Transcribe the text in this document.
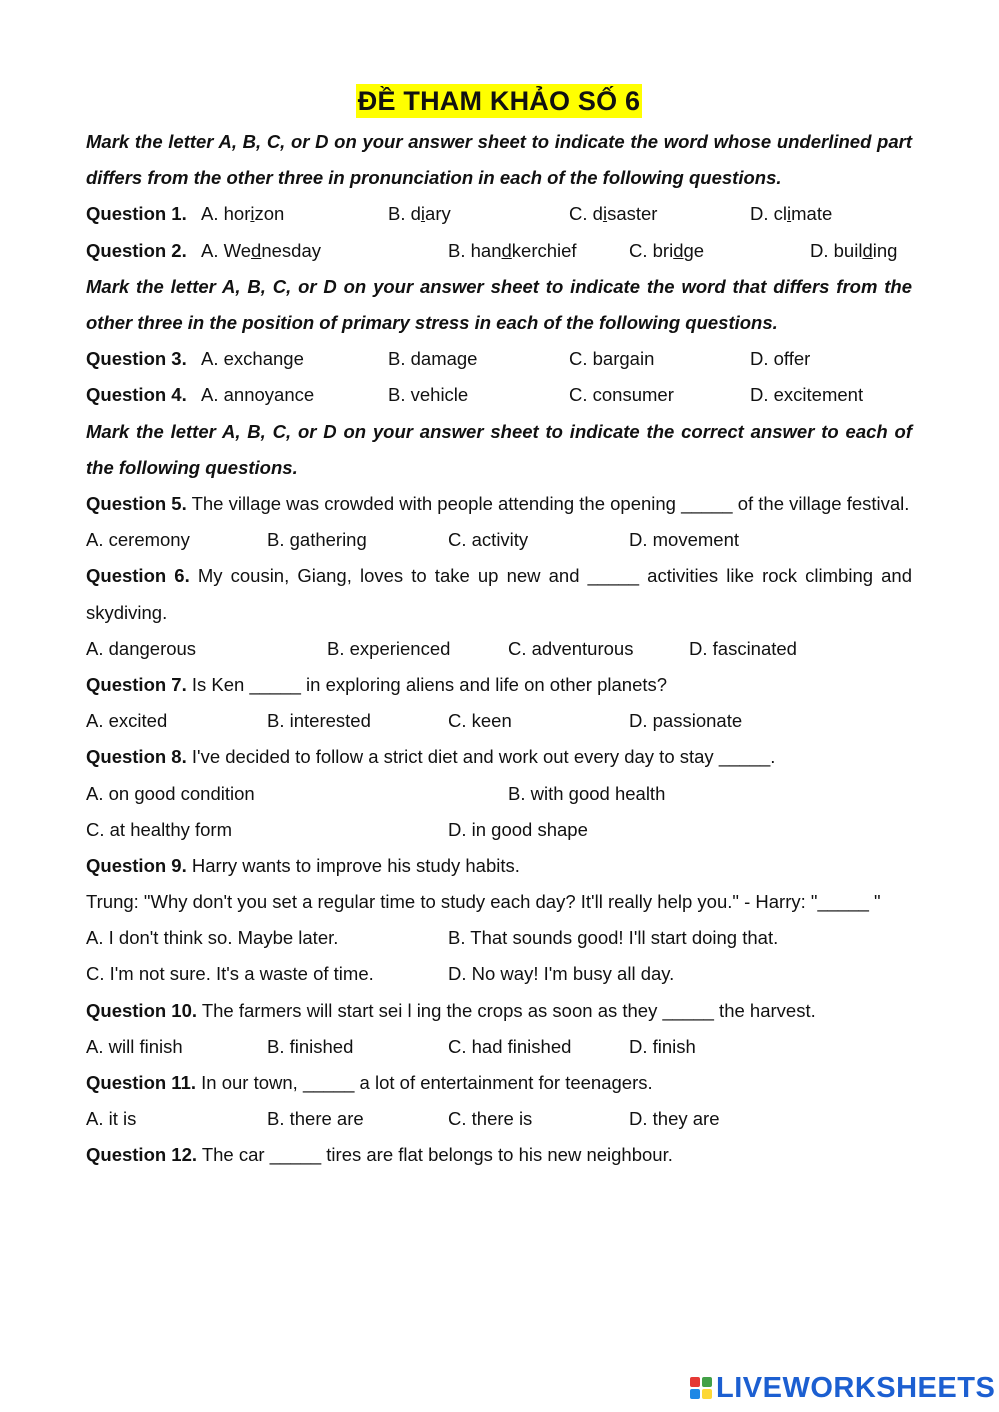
ĐỀ THAM KHẢO SỐ 6
Mark the letter A, B, C, or D on your answer sheet to indicate the word whose underlined part differs from the other three in pronunciation in each of the following questions.
Question 1. A. horizon	B. diary	C. disaster	D. climate
Question 2. A. Wednesday	B. handkerchief	C. bridge	D. building
Mark the letter A, B, C, or D on your answer sheet to indicate the word that differs from the other three in the position of primary stress in each of the following questions.
Question 3. A. exchange	B. damage	C. bargain	D. offer
Question 4. A. annoyance	B. vehicle	C. consumer	D. excitement
Mark the letter A, B, C, or D on your answer sheet to indicate the correct answer to each of the following questions.
Question 5. The village was crowded with people attending the opening _____ of the village festival.
A. ceremony	B. gathering	C. activity	D. movement
Question 6. My cousin, Giang, loves to take up new and _____ activities like rock climbing and skydiving.
A. dangerous	B. experienced	C. adventurous	D. fascinated
Question 7. Is Ken _____ in exploring aliens and life on other planets?
A. excited	B. interested	C. keen	D. passionate
Question 8. I've decided to follow a strict diet and work out every day to stay _____.
A. on good condition	B. with good health
C. at healthy form	D. in good shape
Question 9. Harry wants to improve his study habits.
Trung: "Why don't you set a regular time to study each day? It'll really help you." - Harry: "_____ "
A. I don't think so. Maybe later.	B. That sounds good! I'll start doing that.
C. I'm not sure. It's a waste of time.	D. No way! I'm busy all day.
Question 10. The farmers will start sei l ing the crops as soon as they _____ the harvest.
A. will finish	B. finished	C. had finished	D. finish
Question 11. In our town, _____ a lot of entertainment for teenagers.
A. it is	B. there are	C. there is	D. they are
Question 12. The car _____ tires are flat belongs to his new neighbour.
LIVEWORKSHEETS
